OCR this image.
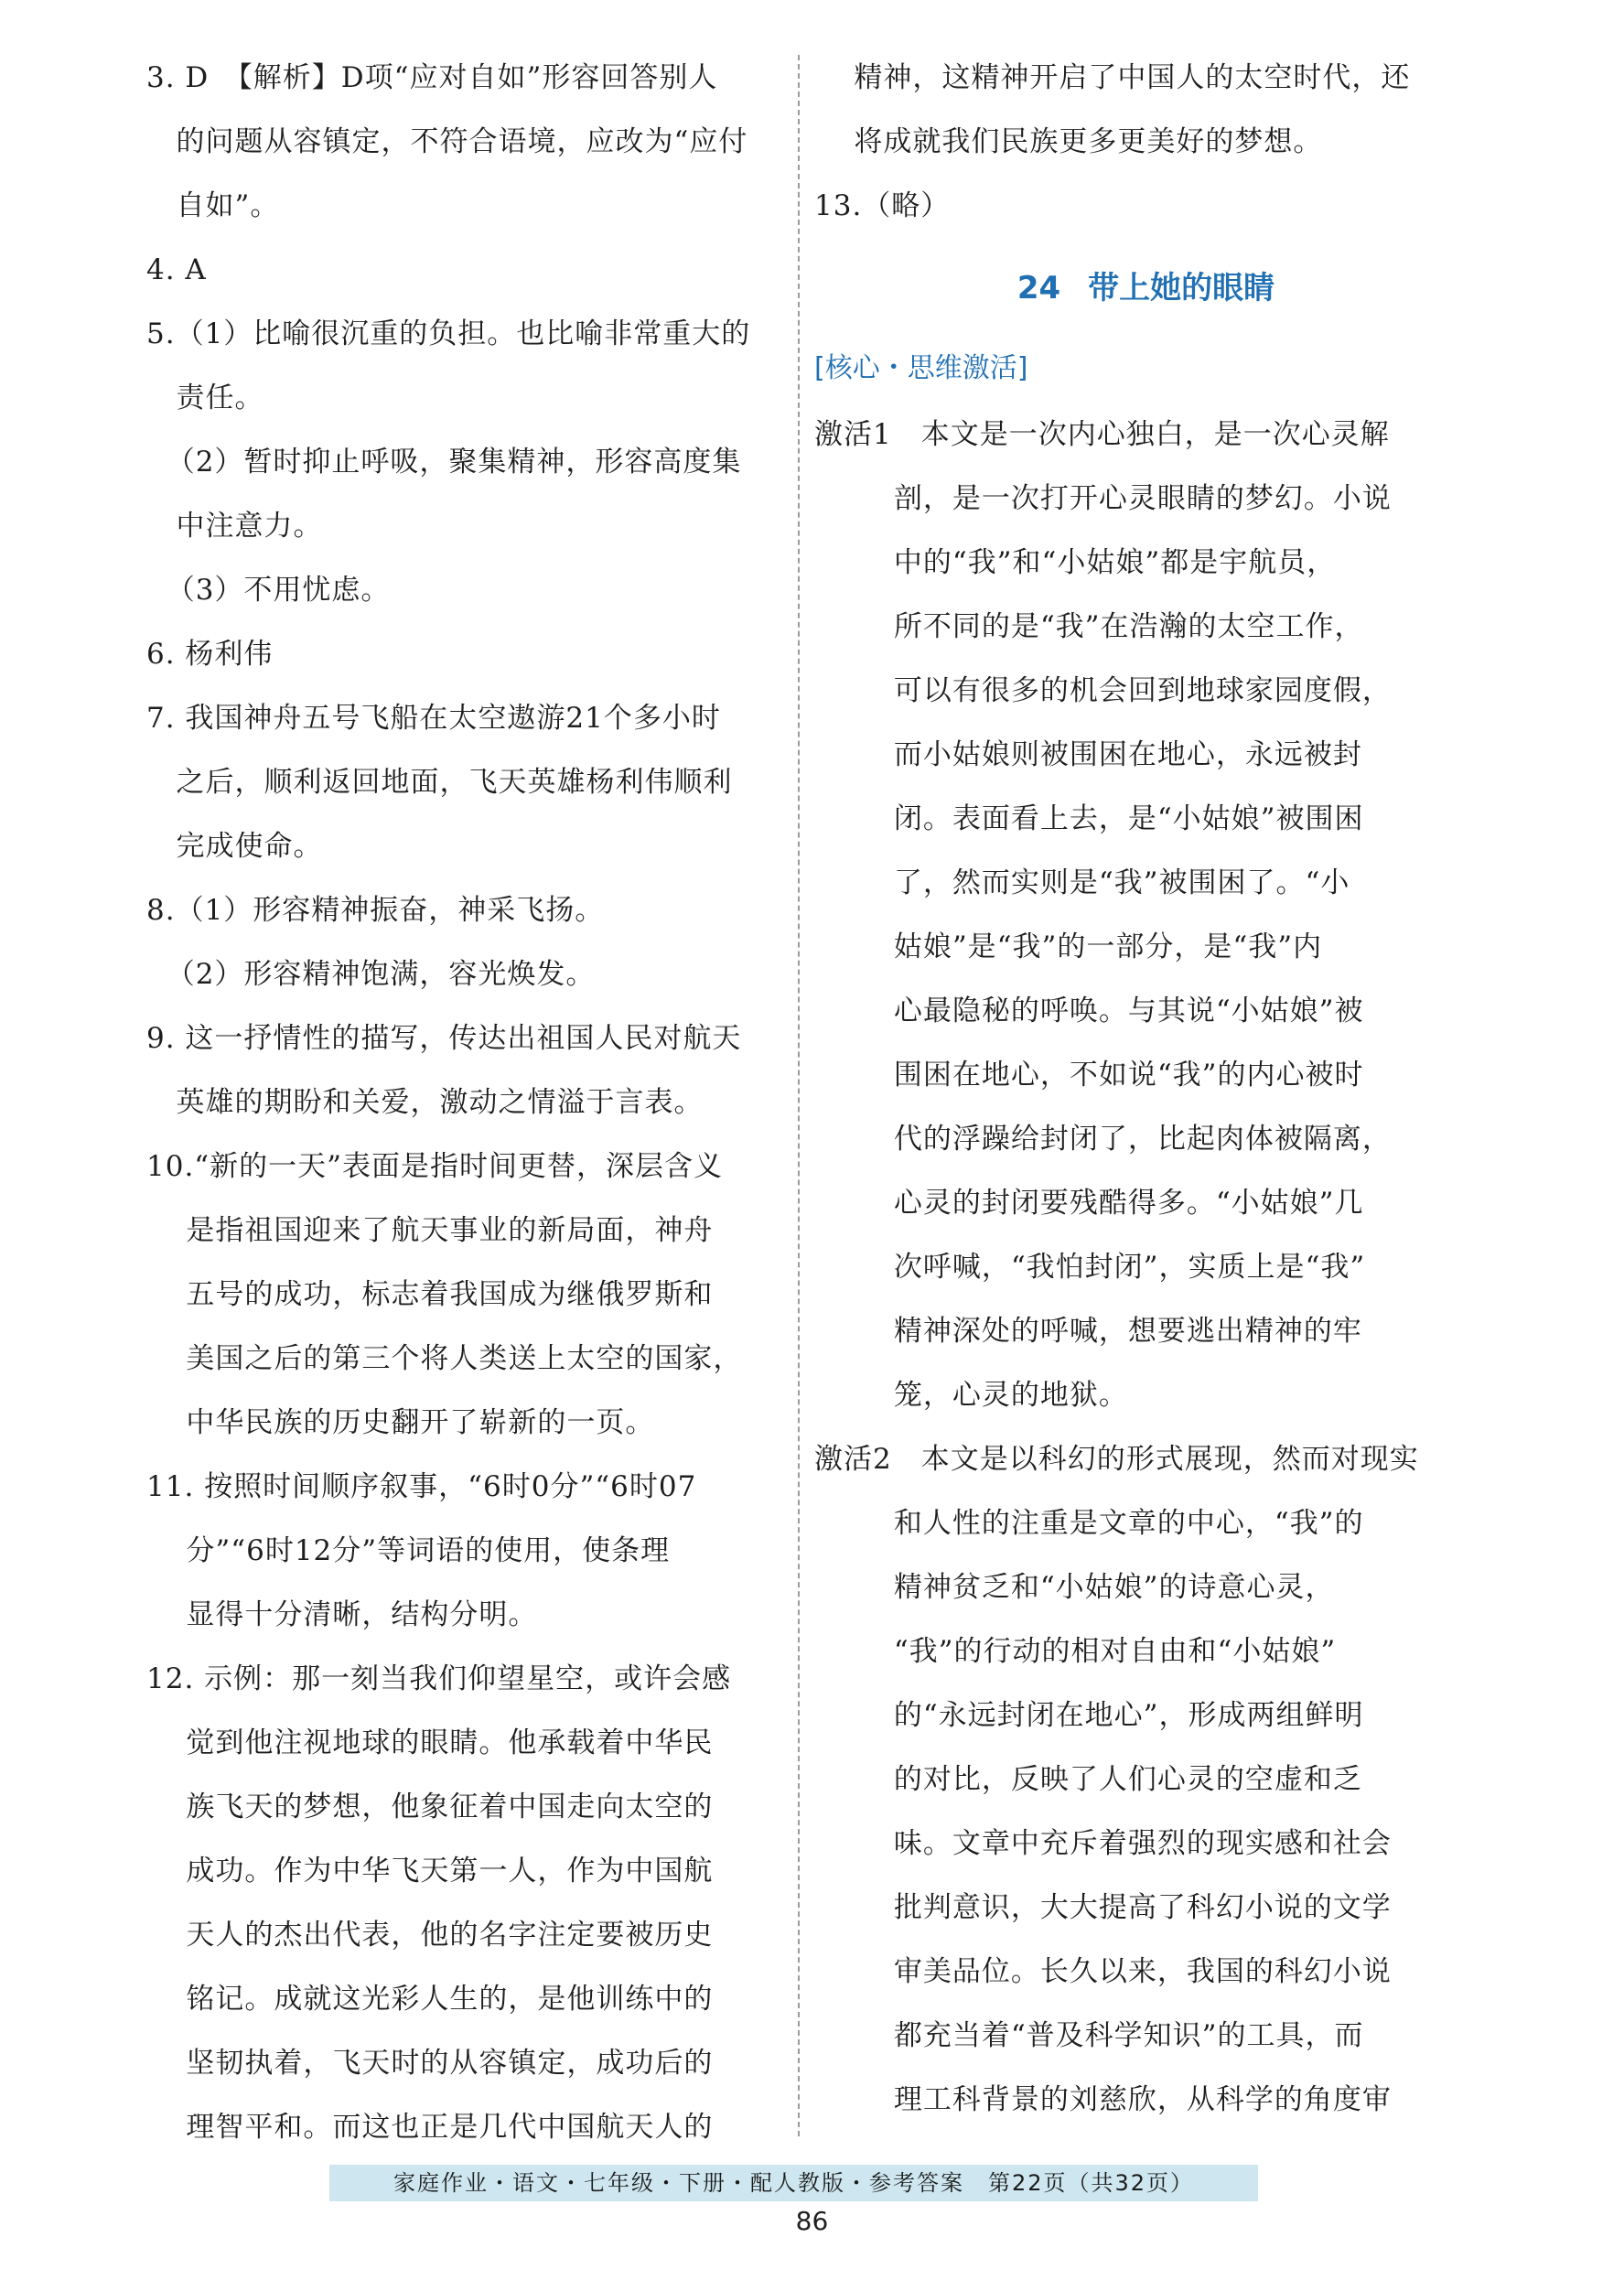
3. D　【解析】D项“应对自如”形容回答别人
的问题从容镇定，不符合语境，应改为“应付
自如”。
4. A
5.（1）比喻很沉重的负担。也比喻非常重大的
责任。
（2）暂时抑止呼吸，聚集精神，形容高度集
中注意力。
（3）不用忧虑。
6. 杨利伟
7. 我国神舟五号飞船在太空遨游21个多小时
之后，顺利返回地面，飞天英雄杨利伟顺利
完成使命。
8.（1）形容精神振奋，神采飞扬。
（2）形容精神饱满，容光焕发。
9. 这一抒情性的描写，传达出祖国人民对航天
英雄的期盼和关爱，激动之情溢于言表。
10.“新的一天”表面是指时间更替，深层含义
是指祖国迎来了航天事业的新局面，神舟
五号的成功，标志着我国成为继俄罗斯和
美国之后的第三个将人类送上太空的国家，
中华民族的历史翻开了崭新的一页。
11. 按照时间顺序叙事，“6时0分”“6时07
分”“6时12分”等词语的使用，使条理
显得十分清晰，结构分明。
12. 示例：那一刻当我们仰望星空，或许会感
觉到他注视地球的眼睛。他承载着中华民
族飞天的梦想，他象征着中国走向太空的
成功。作为中华飞天第一人，作为中国航
天人的杰出代表，他的名字注定要被历史
铭记。成就这光彩人生的，是他训练中的
坚韧执着，飞天时的从容镇定，成功后的
理智平和。而这也正是几代中国航天人的
精神，这精神开启了中国人的太空时代，还
将成就我们民族更多更美好的梦想。
13.（略）
24 带上她的眼睛
[核心・思维激活]
激活1　本文是一次内心独白，是一次心灵解
剖，是一次打开心灵眼睛的梦幻。小说
中的“我”和“小姑娘”都是宇航员，
所不同的是“我”在浩瀚的太空工作，
可以有很多的机会回到地球家园度假，
而小姑娘则被围困在地心，永远被封
闭。表面看上去，是“小姑娘”被围困
了，然而实则是“我”被围困了。“小
姑娘”是“我”的一部分，是“我”内
心最隐秘的呼唤。与其说“小姑娘”被
围困在地心，不如说“我”的内心被时
代的浮躁给封闭了，比起肉体被隔离，
心灵的封闭要残酷得多。“小姑娘”几
次呼喊，“我怕封闭”，实质上是“我”
精神深处的呼喊，想要逃出精神的牢
笼，心灵的地狱。
激活2　本文是以科幻的形式展现，然而对现实
和人性的注重是文章的中心，“我”的
精神贫乏和“小姑娘”的诗意心灵，
“我”的行动的相对自由和“小姑娘”
的“永远封闭在地心”，形成两组鲜明
的对比，反映了人们心灵的空虚和乏
味。文章中充斥着强烈的现实感和社会
批判意识，大大提高了科幻小说的文学
审美品位。长久以来，我国的科幻小说
都充当着“普及科学知识”的工具，而
理工科背景的刘慈欣，从科学的角度审
家庭作业・语文・七年级・下册・配人教版・参考答案　第22页（共32页）
86
